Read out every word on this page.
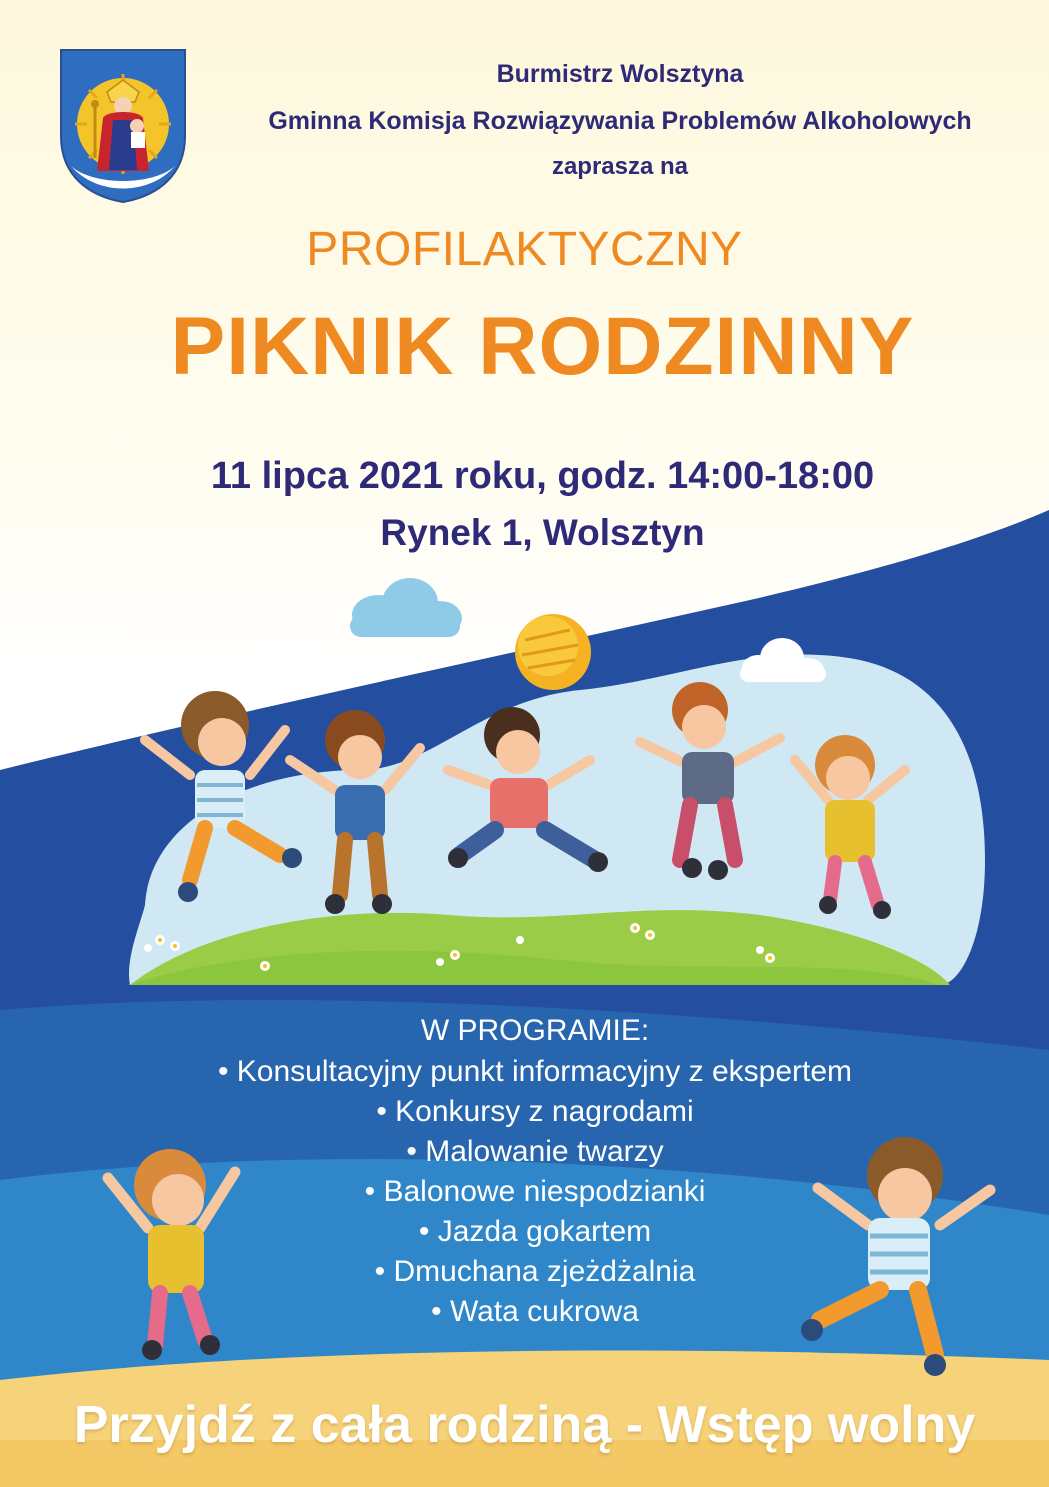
Burmistrz Wolsztyna

Gminna Komisja Rozwiązywania Problemów Alkoholowych

zaprasza na

PROFILAKTYCZNY

PIKNIK RODZINNY

11 lipca 2021 roku, godz. 14:00-18:00

Rynek 1, Wolsztyn

W PROGRAMIE:
• Konsultacyjny punkt informacyjny z ekspertem
• Konkursy z nagrodami
• Malowanie twarzy
• Balonowe niespodzianki
• Jazda gokartem
• Dmuchana zjeżdżalnia
• Wata cukrowa

Przyjdź z cała rodziną - Wstęp wolny
